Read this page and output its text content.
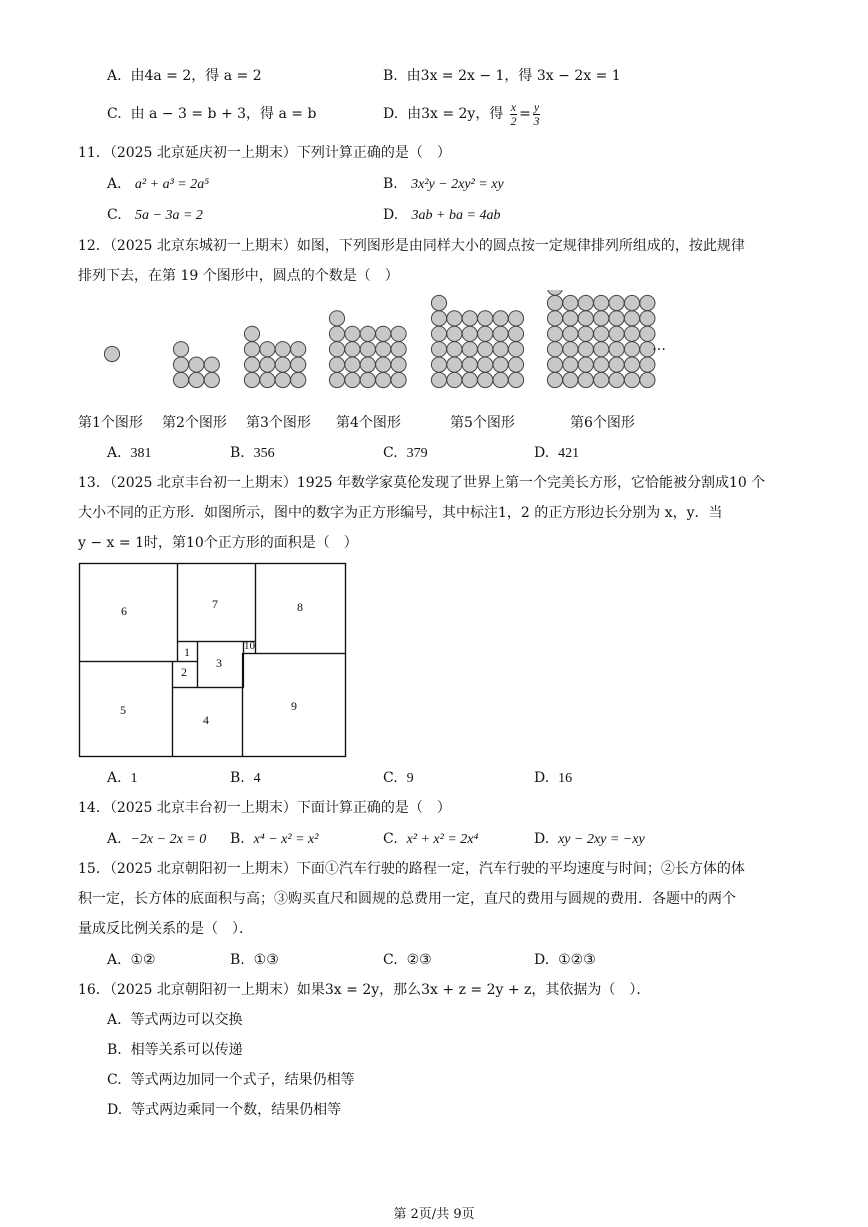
A. 由4a = 2，得 a = 2	B. 由3x = 2x − 1，得 3x − 2x = 1
C. 由 a − 3 = b + 3，得 a = b	D. 由3x = 2y，得 $\frac{x}{2} = \frac{y}{3}$
11．（2025 北京延庆初一上期末）下列计算正确的是（　）
A. a² + a³ = 2a⁵	B. 3x²y − 2xy² = xy
C. 5a − 3a = 2	D. 3ab + ba = 4ab
12．（2025 北京东城初一上期末）如图，下列图形是由同样大小的圆点按一定规律排列所组成的，按此规律
排列下去，在第 19 个图形中，圆点的个数是（　）
…
第1个图形 第2个图形 第3个图形 第4个图形	第5个图形	第6个图形
A. 381	B. 356	C. 379	D. 421
13．（2025 北京丰台初一上期末）1925 年数学家莫伦发现了世界上第一个完美长方形，它恰能被分割成10 个
大小不同的正方形．如图所示，图中的数字为正方形编号，其中标注1，2 的正方形边长分别为 x，y．当
y − x = 1时，第10个正方形的面积是（　）
6	7	8
1	10
3
2
5
4
9
A. 1	B. 4	C. 9	D. 16
14．（2025 北京丰台初一上期末）下面计算正确的是（　）
A. −2x − 2x = 0 B. x⁴ − x² = x²	C. x² + x² = 2x⁴	D. xy − 2xy = −xy
15．（2025 北京朝阳初一上期末）下面①汽车行驶的路程一定，汽车行驶的平均速度与时间；②长方体的体
积一定，长方体的底面积与高；③购买直尺和圆规的总费用一定，直尺的费用与圆规的费用．各题中的两个
量成反比例关系的是（　）．
A. ①②	B. ①③	C. ②③	D. ①②③
16．（2025 北京朝阳初一上期末）如果3x = 2y，那么3x + z = 2y + z，其依据为（　）．
A. 等式两边可以交换
B. 相等关系可以传递
C. 等式两边加同一个式子，结果仍相等
D. 等式两边乘同一个数，结果仍相等
第 2页/共 9页
